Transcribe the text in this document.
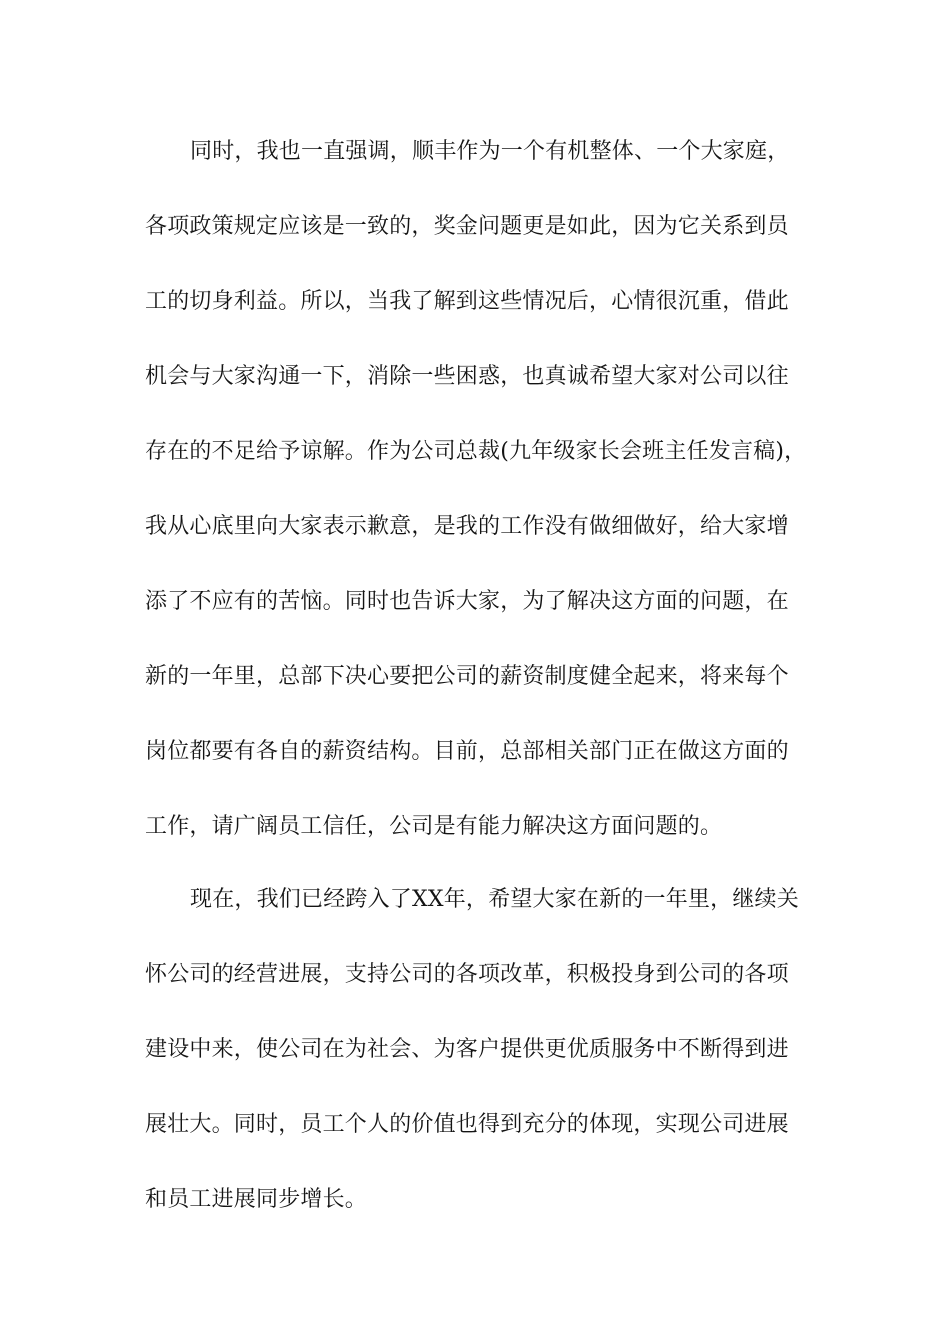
同时，我也一直强调，顺丰作为一个有机整体、一个大家庭，
各项政策规定应该是一致的，奖金问题更是如此，因为它关系到员
工的切身利益。所以，当我了解到这些情况后，心情很沉重，借此
机会与大家沟通一下，消除一些困惑，也真诚希望大家对公司以往
存在的不足给予谅解。作为公司总裁(九年级家长会班主任发言稿)，
我从心底里向大家表示歉意，是我的工作没有做细做好，给大家增
添了不应有的苦恼。同时也告诉大家，为了解决这方面的问题，在
新的一年里，总部下决心要把公司的薪资制度健全起来，将来每个
岗位都要有各自的薪资结构。目前，总部相关部门正在做这方面的
工作，请广阔员工信任，公司是有能力解决这方面问题的。
现在，我们已经跨入了XX年，希望大家在新的一年里，继续关
怀公司的经营进展，支持公司的各项改革，积极投身到公司的各项
建设中来，使公司在为社会、为客户提供更优质服务中不断得到进
展壮大。同时，员工个人的价值也得到充分的体现，实现公司进展
和员工进展同步增长。
